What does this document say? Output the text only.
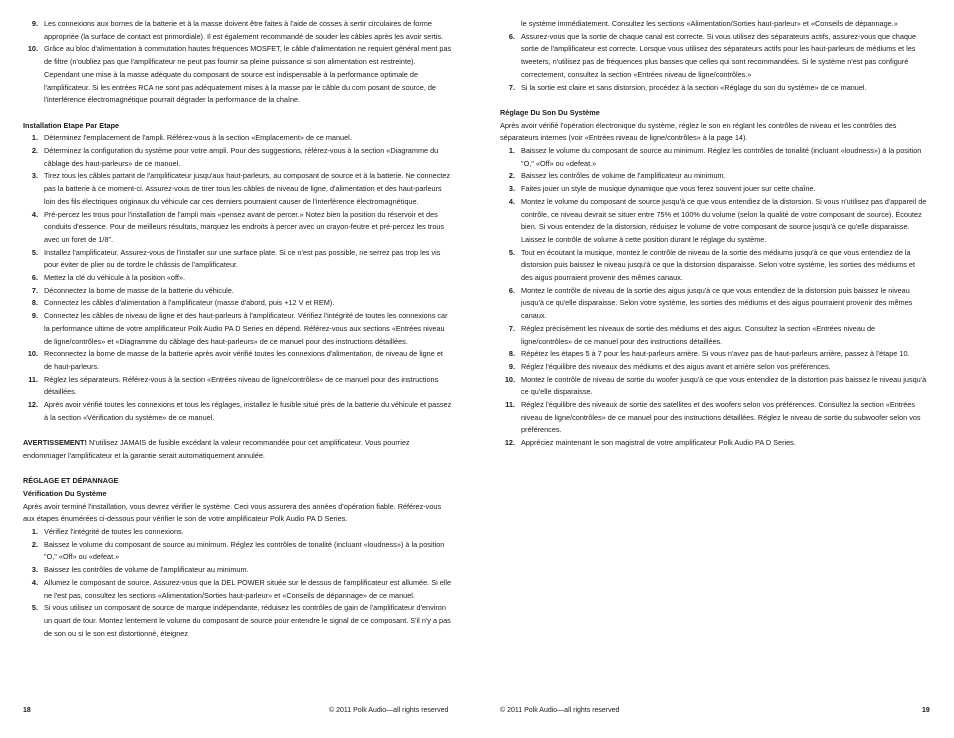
9. Les connexions aux bornes de la batterie et à la masse doivent être faites à l'aide de cosses à sertir circulaires de forme appropriée (la surface de contact est primordiale). Il est également recommandé de souder les câbles après les avoir sertis.
10. Grâce au bloc d'alimentation à commutation hautes fréquences MOSFET, le câble d'alimentation ne requiert général ment pas de filtre (n'oubliez pas que l'amplificateur ne peut pas fournir sa pleine puissance si son alimentation est restreinte). Cependant une mise à la masse adéquate du composant de source est indispensable à la performance optimale de l'amplificateur. Si les entrées RCA ne sont pas adéquatement mises à la masse par le câble du com posant de source, de l'interférence électromagnétique pourrait dégrader la performance de la chaîne.
Installation Etape Par Etape
1. Déterminez l'emplacement de l'ampli. Référez-vous à la section «Emplacement» de ce manuel.
2. Déterminez la configuration du système pour votre ampli. Pour des suggestions, référez-vous à la section «Diagramme du câblage des haut-parleurs» de ce manuel.
3. Tirez tous les câbles partant de l'amplificateur jusqu'aux haut-parleurs, au composant de source et à la batterie. Ne connectez pas la batterie à ce moment-ci. Assurez-vous de tirer tous les câbles de niveau de ligne, d'alimentation et des haut-parleurs loin des fils électriques originaux du véhicule car ces derniers pourraient causer de l'interférence électromagnétique.
4. Pré-percez les trous pour l'installation de l'ampli mais «pensez avant de percer.» Notez bien la position du réservoir et des conduits d'essence. Pour de meilleurs résultats, marquez les endroits à percer avec un crayon-feutre et pré-percez les trous avec un foret de 1/8".
5. Installez l'amplificateur. Assurez-vous de l'installer sur une surface plate. Si ce n'est pas possible, ne serrez pas trop les vis pour éviter de plier ou de tordre le châssis de l'amplificateur.
6. Mettez la clé du véhicule à la position «off».
7. Déconnectez la borne de masse de la batterie du véhicule.
8. Connectez les câbles d'alimentation à l'amplificateur (masse d'abord, puis +12 V et REM).
9. Connectez les câbles de niveau de ligne et des haut-parleurs à l'amplificateur. Vérifiez l'intégrité de toutes les connexions car la performance ultime de votre amplificateur Polk Audio PA D Series en dépend. Référez-vous aux sections «Entrées niveau de ligne/contrôles» et «Diagramme du câblage des haut-parleurs» de ce manuel pour des instructions détaillées.
10. Reconnectez la borne de masse de la batterie après avoir vérifié toutes les connexions d'alimentation, de niveau de ligne et de haut-parleurs.
11. Réglez les séparateurs. Référez-vous à la section «Entrées niveau de ligne/contrôles» de ce manuel pour des instructions détaillées.
12. Après avoir vérifié toutes les connexions et tous les réglages, installez le fusible situé près de la batterie du véhicule et passez à la section «Vérification du système» de ce manuel.
AVERTISSEMENT! N'utilisez JAMAIS de fusible excédant la valeur recommandée pour cet amplificateur. Vous pourriez endommager l'amplificateur et la garantie serait automatiquement annulée.
RÉGLAGE ET DÉPANNAGE
Vérification Du Système
Après avoir terminé l'installation, vous devrez vérifier le système. Ceci vous assurera des années d'opération fiable. Référez-vous aux étapes énumérées ci-dessous pour vérifier le son de votre amplificateur Polk Audio PA D Series.
1. Vérifiez l'intégrité de toutes les connexions.
2. Baissez le volume du composant de source au minimum. Réglez les contrôles de tonalité (incluant «loudness») à la position "O," «Off» ou «defeat.»
3. Baissez les contrôles de volume de l'amplificateur au minimum.
4. Allumez le composant de source. Assurez-vous que la DEL POWER située sur le dessus de l'amplificateur est allumée. Si elle ne l'est pas, consultez les sections «Alimentation/Sorties haut-parleur» et «Conseils de dépannage» de ce manuel.
5. Si vous utilisez un composant de source de marque indépendante, réduisez les contrôles de gain de l'amplificateur d'environ un quart de tour. Montez lentement le volume du composant de source pour entendre le signal de ce composant. S'il n'y a pas de son ou si le son est distortionné, éteignez
le système immédiatement. Consultez les sections «Alimentation/Sorties haut-parleur» et «Conseils de dépannage.»
6. Assurez-vous que la sortie de chaque canal est correcte. Si vous utilisez des séparateurs actifs, assurez-vous que chaque sortie de l'amplificateur est correcte. Lorsque vous utilisez des séparateurs actifs pour les haut-parleurs de médiums et les tweeters, n'utilisez pas de fréquences plus basses que celles qui sont recommandées. Si le système n'est pas configuré correctement, consultez la section «Entrées niveau de ligne/contrôles.»
7. Si la sortie est claire et sans distorsion, procédez à la section «Réglage du son du système» de ce manuel.
Réglage Du Son Du Système
Après avoir vérifié l'opération électronique du système, réglez le son en réglant les contrôles de niveau et les contrôles des séparateurs internes (voir «Entrées niveau de ligne/contrôles» à la page 14).
1. Baissez le volume du composant de source au minimum. Réglez les contrôles de tonalité (incluant «loudness») à la position "O," «Off» ou «defeat.»
2. Baissez les contrôles de volume de l'amplificateur au minimum.
3. Faites jouer un style de musique dynamique que vous ferez souvent jouer sur cette chaîne.
4. Montez le volume du composant de source jusqu'à ce que vous entendiez de la distorsion. Si vous n'utilisez pas d'appareil de contrôle, ce niveau devrait se situer entre 75% et 100% du volume (selon la qualité de votre composant de source). Écoutez bien. Si vous entendez de la distorsion, réduisez le volume de votre composant de source jusqu'à ce qu'elle disparaisse. Laissez le contrôle de volume à cette position durant le réglage du système.
5. Tout en écoutant la musique, montez le contrôle de niveau de la sortie des médiums jusqu'à ce que vous entendiez de la distorsion puis baissez le niveau jusqu'à ce que la distorsion disparaisse. Selon votre système, les sorties des médiums et des aigus pourraient provenir des mêmes canaux.
6. Montez le contrôle de niveau de la sortie des aigus jusqu'à ce que vous entendiez de la distorsion puis baissez le niveau jusqu'à ce qu'elle disparaisse. Selon votre système, les sorties des médiums et des aigus pourraient provenir des mêmes canaux.
7. Réglez précisément les niveaux de sortie des médiums et des aigus. Consultez la section «Entrées niveau de ligne/contrôles» de ce manuel pour des instructions détaillées.
8. Répétez les étapes 5 à 7 pour les haut-parleurs arrière. Si vous n'avez pas de haut-parleurs arrière, passez à l'étape 10.
9. Réglez l'équilibre des niveaux des médiums et des aigus avant et arrière selon vos préférences.
10. Montez le contrôle de niveau de sortie du woofer jusqu'à ce que vous entendiez de la distortion puis baissez le niveau jusqu'à ce qu'elle disparaisse.
11. Réglez l'équilibre des niveaux de sortie des satellites et des woofers selon vos préférences. Consultez la section «Entrées niveau de ligne/contrôles» de ce manuel pour des instructions détaillées. Réglez le niveau de sortie du subwoofer selon vos préférences.
12. Appréciez maintenant le son magistral de votre amplificateur Polk Audio PA D Series.
18	© 2011 Polk Audio—all rights reserved	© 2011 Polk Audio—all rights reserved	19
